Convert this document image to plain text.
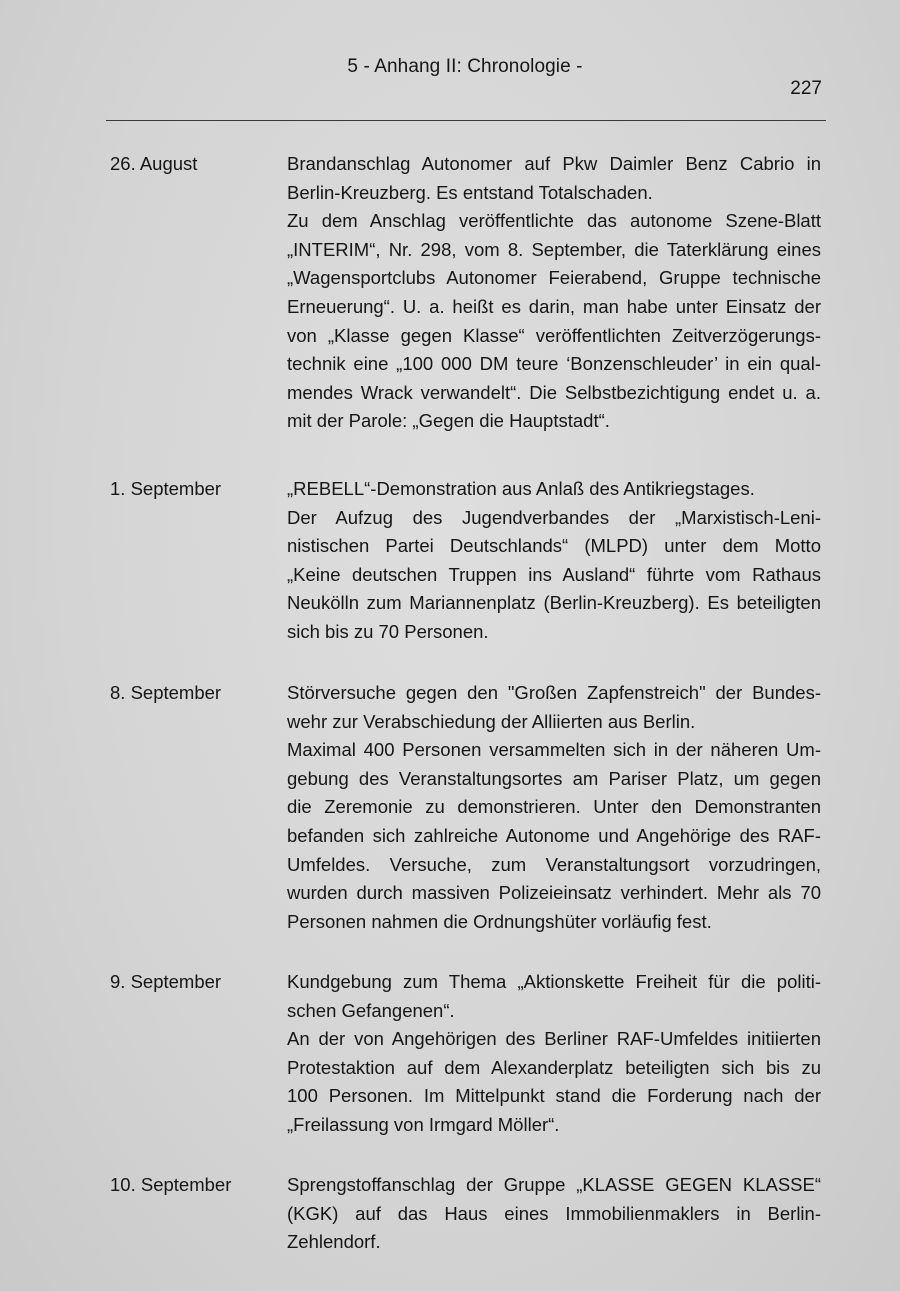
5 - Anhang II: Chronologie -
227
26. August	Brandanschlag Autonomer auf Pkw Daimler Benz Cabrio in

Berlin-Kreuzberg. Es entstand Totalschaden.

Zu dem Anschlag veröffentlichte das autonome Szene-Blatt

„INTERIM“, Nr. 298, vom 8. September, die Taterklärung eines

„Wagensportclubs Autonomer Feierabend, Gruppe technische

Erneuerung“. U. a. heißt es darin, man habe unter Einsatz der

von „Klasse gegen Klasse“ veröffentlichten Zeitverzögerungs-

technik eine „100 000 DM teure ‘Bonzenschleuder’ in ein qual-

mendes Wrack verwandelt“. Die Selbstbezichtigung endet u. a.

mit der Parole: „Gegen die Hauptstadt“.

1. September	„REBELL“-Demonstration aus Anlaß des Antikriegstages.

Der Aufzug des Jugendverbandes der „Marxistisch-Leni-

nistischen Partei Deutschlands“ (MLPD) unter dem Motto

„Keine deutschen Truppen ins Ausland“ führte vom Rathaus

Neukölln zum Mariannenplatz (Berlin-Kreuzberg). Es beteiligten

sich bis zu 70 Personen.

8. September	Störversuche gegen den "Großen Zapfenstreich" der Bundes-

wehr zur Verabschiedung der Alliierten aus Berlin.

Maximal 400 Personen versammelten sich in der näheren Um-

gebung des Veranstaltungsortes am Pariser Platz, um gegen

die Zeremonie zu demonstrieren. Unter den Demonstranten

befanden sich zahlreiche Autonome und Angehörige des RAF-

Umfeldes. Versuche, zum Veranstaltungsort vorzudringen,

wurden durch massiven Polizeieinsatz verhindert. Mehr als 70

Personen nahmen die Ordnungshüter vorläufig fest.

9. September	Kundgebung zum Thema „Aktionskette Freiheit für die politi-

schen Gefangenen“.

An der von Angehörigen des Berliner RAF-Umfeldes initiierten

Protestaktion auf dem Alexanderplatz beteiligten sich bis zu

100 Personen. Im Mittelpunkt stand die Forderung nach der

„Freilassung von Irmgard Möller“.

10. September	Sprengstoffanschlag der Gruppe „KLASSE GEGEN KLASSE“

(KGK) auf das Haus eines Immobilienmaklers in Berlin-

Zehlendorf.
